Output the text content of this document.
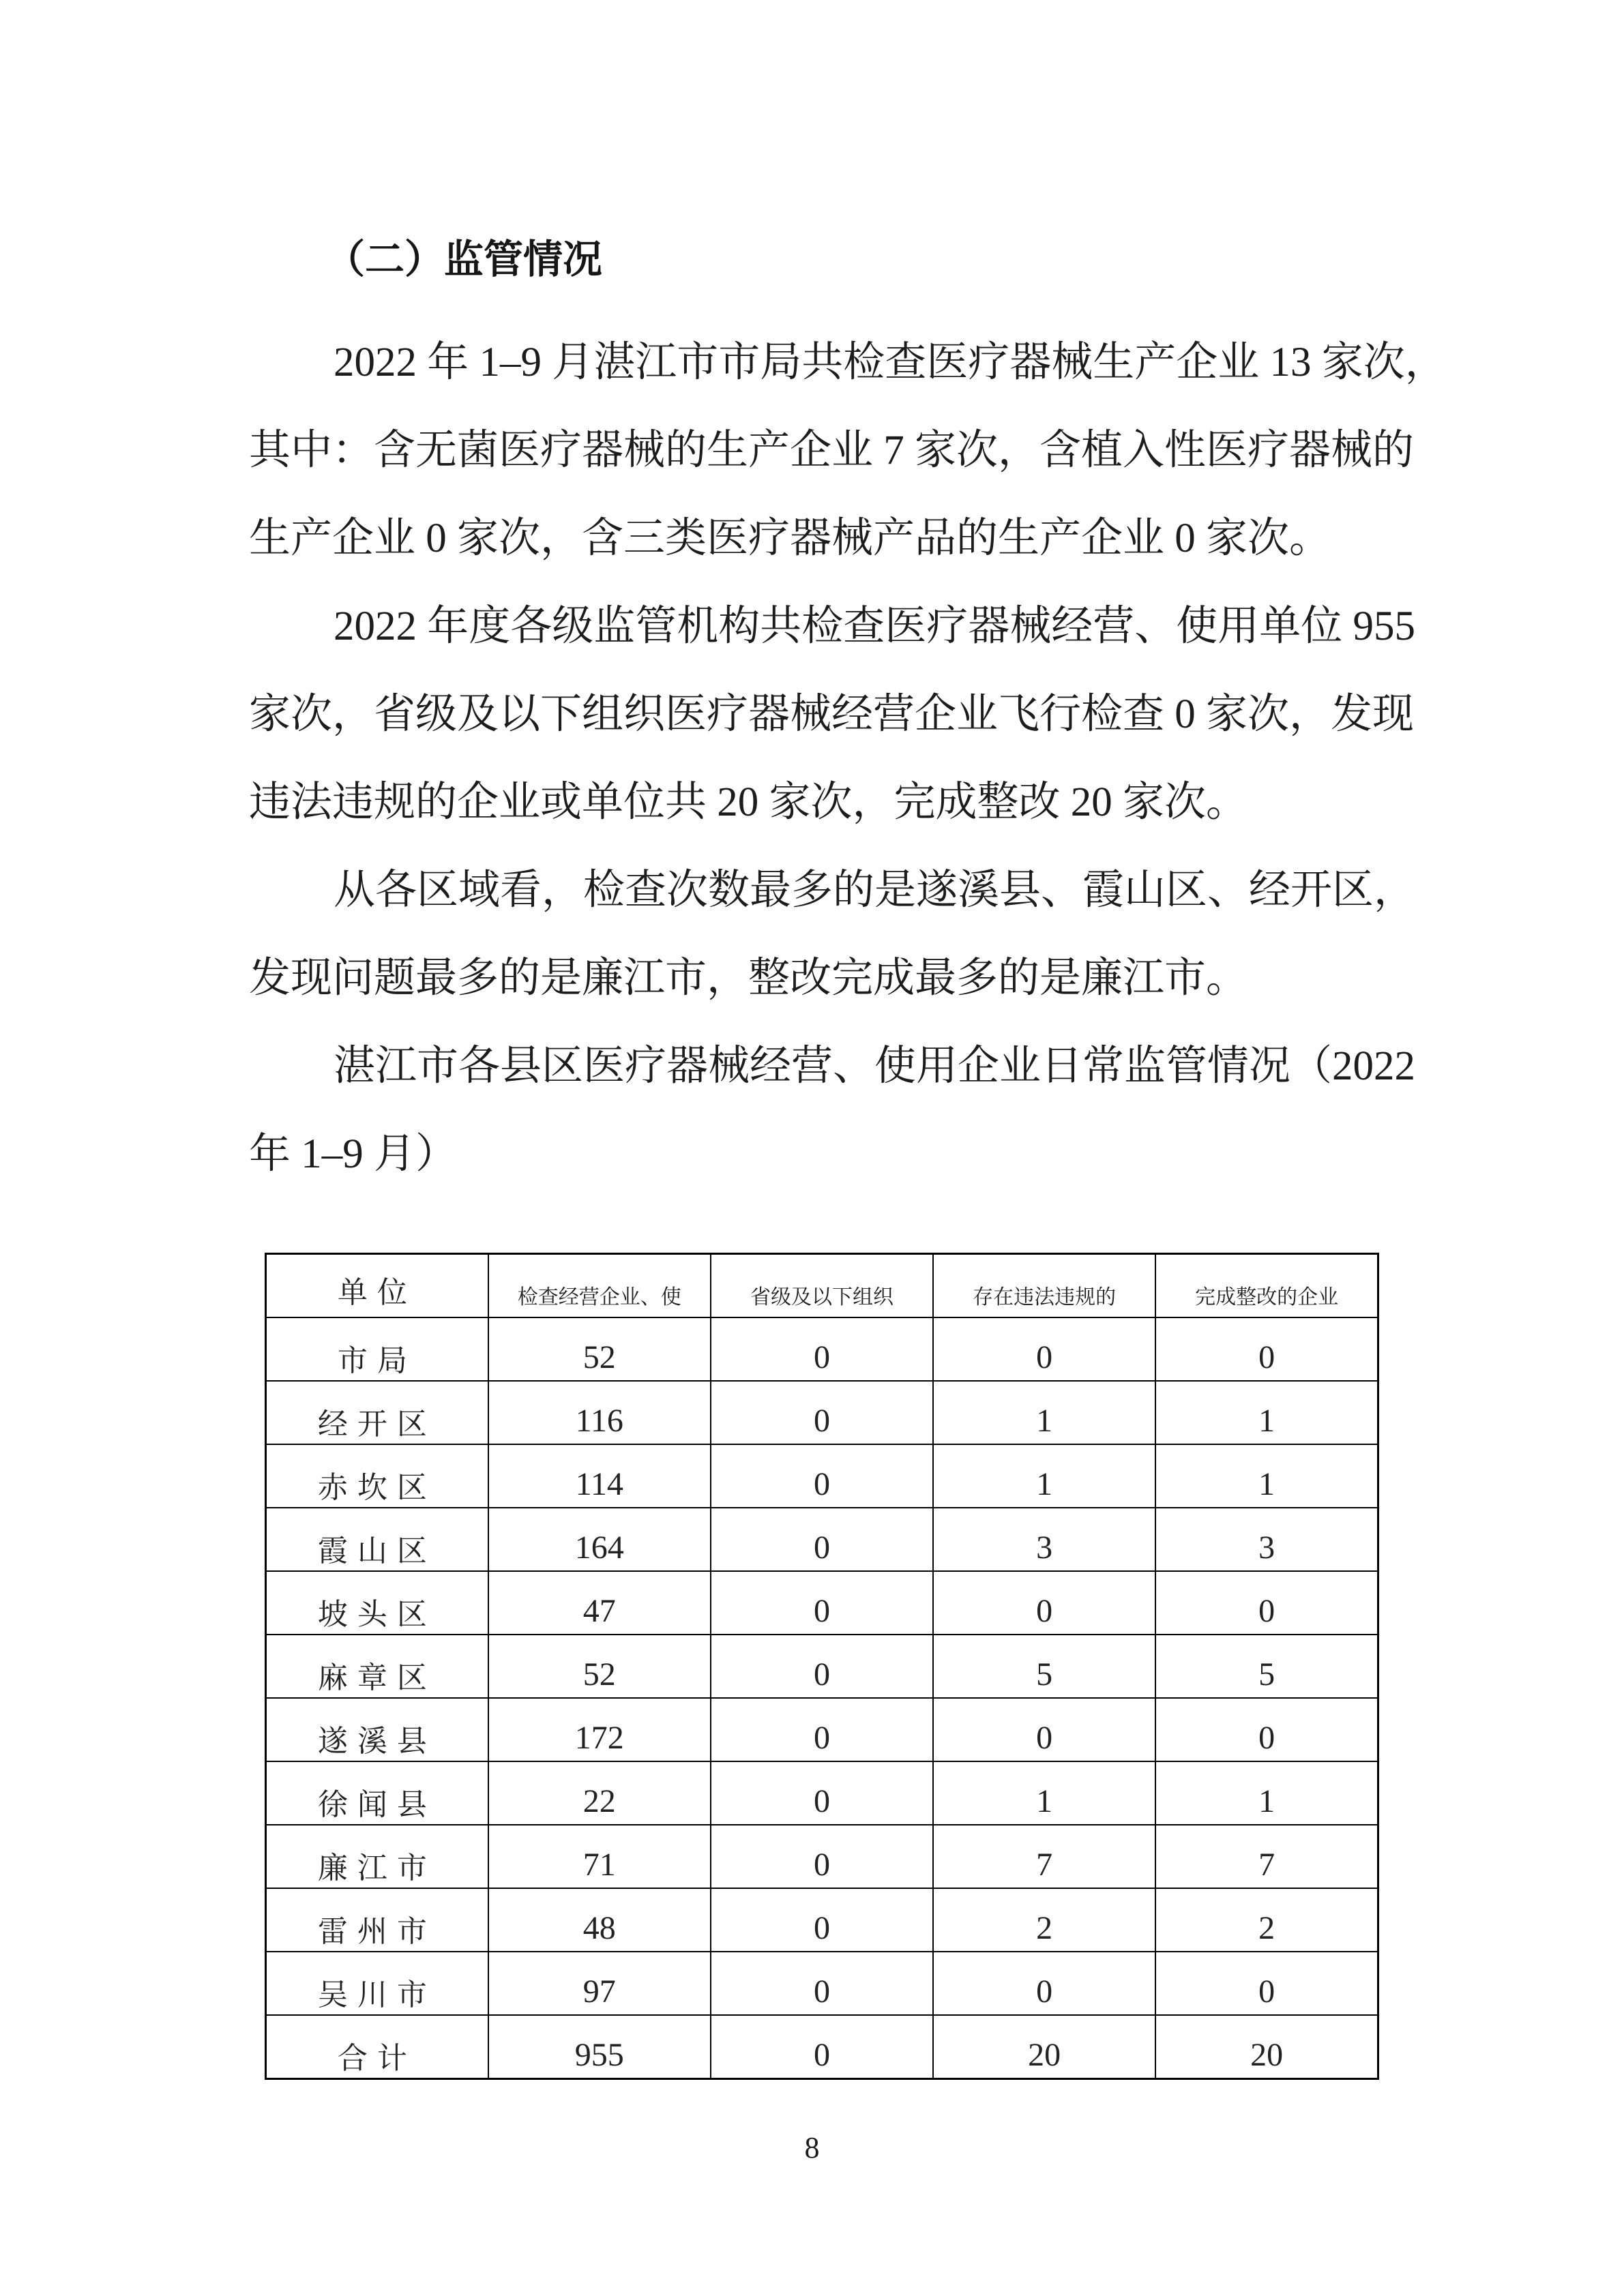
（二）监管情况
2022 年 1–9 月湛江市市局共检查医疗器械生产企业 13 家次，
其中：含无菌医疗器械的生产企业 7 家次，含植入性医疗器械的
生产企业 0 家次，含三类医疗器械产品的生产企业 0 家次。
2022 年度各级监管机构共检查医疗器械经营、使用单位 955
家次，省级及以下组织医疗器械经营企业飞行检查 0 家次，发现
违法违规的企业或单位共 20 家次，完成整改 20 家次。
从各区域看，检查次数最多的是遂溪县、霞山区、经开区，
发现问题最多的是廉江市，整改完成最多的是廉江市。
湛江市各县区医疗器械经营、使用企业日常监管情况（2022
年 1–9 月）
单位	检查经营企业、使	省级及以下组织	存在违法违规的	完成整改的企业
市局	52	0	0	0
经开区	116	0	1	1
赤坎区	114	0	1	1
霞山区	164	0	3	3
坡头区	47	0	0	0
麻章区	52	0	5	5
遂溪县	172	0	0	0
徐闻县	22	0	1	1
廉江市	71	0	7	7
雷州市	48	0	2	2
吴川市	97	0	0	0
合计	955	0	20	20
8
